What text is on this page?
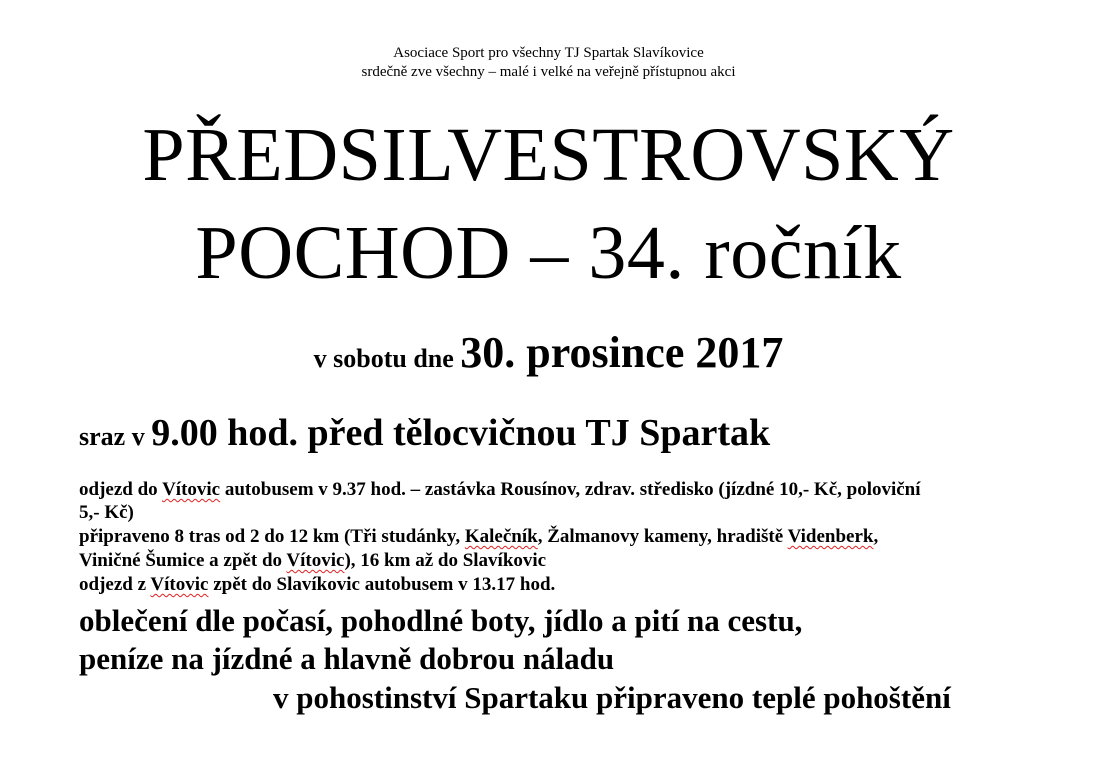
Asociace Sport pro všechny TJ Spartak Slavíkovice
srdečně zve všechny – malé i velké na veřejně přístupnou akci
PŘEDSILVESTROVSKÝ
POCHOD – 34. ročník
v sobotu dne 30. prosince 2017
sraz v 9.00 hod. před tělocvičnou TJ Spartak
odjezd do Vítovic autobusem v 9.37 hod. – zastávka Rousínov, zdrav. středisko (jízdné 10,- Kč, poloviční
5,- Kč)
připraveno 8 tras od 2 do 12 km (Tři studánky, Kalečník, Žalmanovy kameny, hradiště Videnberk,
Viničné Šumice a zpět do Vítovic), 16 km až do Slavíkovic
odjezd z Vítovic zpět do Slavíkovic autobusem v 13.17 hod.
oblečení dle počasí, pohodlné boty, jídlo a pití na cestu,
peníze na jízdné a hlavně dobrou náladu
v pohostinství Spartaku připraveno teplé pohoštění
